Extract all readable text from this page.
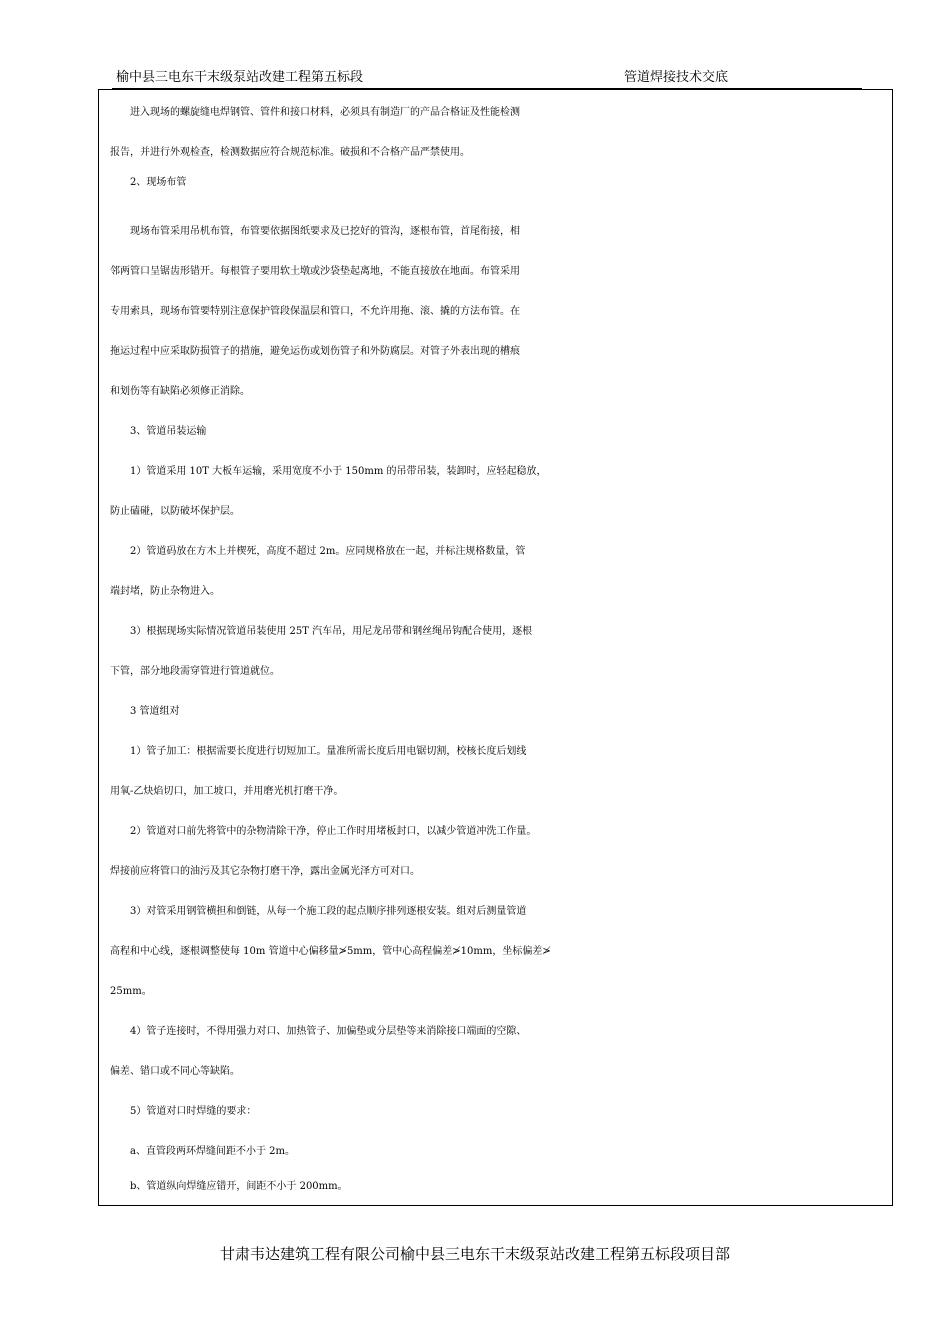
榆中县三电东干末级泵站改建工程第五标段	管道焊接技术交底
　　进入现场的螺旋缝电焊钢管、管件和接口材料，必须具有制造厂的产品合格证及性能检测
报告，并进行外观检查，检测数据应符合规范标准。破损和不合格产品严禁使用。
　　2、现场布管
　　现场布管采用吊机布管，布管要依据图纸要求及已挖好的管沟，逐根布管，首尾衔接，相
邻两管口呈锯齿形错开。每根管子要用软土墩或沙袋垫起离地，不能直接放在地面。布管采用
专用索具，现场布管要特别注意保护管段保温层和管口，不允许用拖、滚、撬的方法布管。在
拖运过程中应采取防损管子的措施，避免运伤或划伤管子和外防腐层。对管子外表出现的槽痕
和划伤等有缺陷必须修正消除。
　　3、管道吊装运输
　　1）管道采用 10T 大板车运输，采用宽度不小于 150mm 的吊带吊装，装卸时，应轻起稳放，
防止磕碰，以防破坏保护层。
　　2）管道码放在方木上并楔死，高度不超过 2m。应同规格放在一起，并标注规格数量，管
端封堵，防止杂物进入。
　　3）根据现场实际情况管道吊装使用 25T 汽车吊，用尼龙吊带和钢丝绳吊钩配合使用，逐根
下管，部分地段需穿管进行管道就位。
　　3 管道组对
　　1）管子加工：根据需要长度进行切短加工。量准所需长度后用电锯切割，校核长度后划线
用氧-乙炔焰切口，加工坡口，并用磨光机打磨干净。
　　2）管道对口前先将管中的杂物清除干净，停止工作时用堵板封口，以减少管道冲洗工作量。
焊接前应将管口的油污及其它杂物打磨干净，露出金属光泽方可对口。
　　3）对管采用钢管横担和倒链，从每一个施工段的起点顺序排列逐根安装。组对后测量管道
高程和中心线，逐根调整使每 10m 管道中心偏移量≯5mm，管中心高程偏差≯10mm，坐标偏差≯
25mm。
　　4）管子连接时，不得用强力对口、加热管子、加偏垫或分层垫等来消除接口端面的空隙、
偏差、错口或不同心等缺陷。
　　5）管道对口时焊缝的要求：
　　a、直管段两环焊缝间距不小于 2m。
　　b、管道纵向焊缝应错开，间距不小于 200mm。
甘肃韦达建筑工程有限公司榆中县三电东干末级泵站改建工程第五标段项目部
